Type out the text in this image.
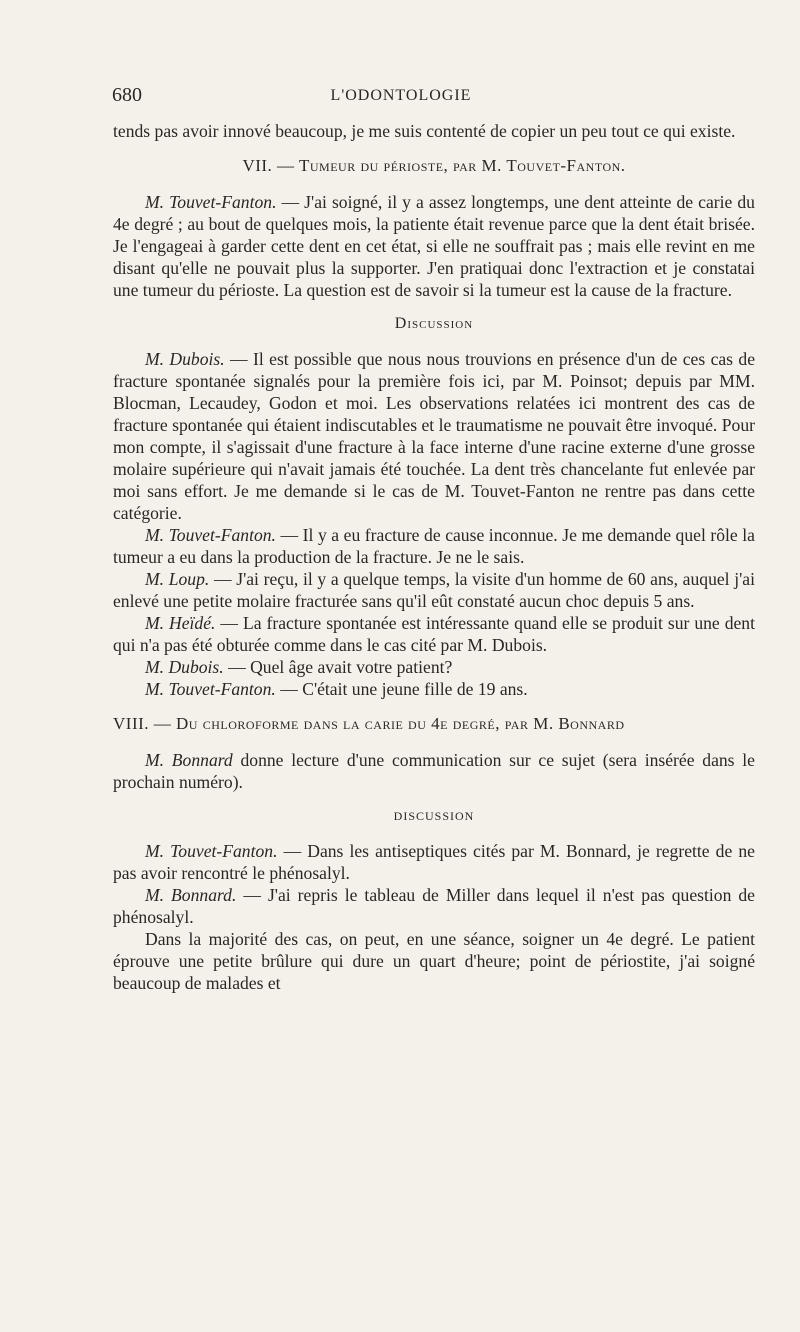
680	L'ODONTOLOGIE

tends pas avoir innové beaucoup, je me suis contenté de copier un peu tout ce qui existe.

VII. — Tumeur du périoste, par M. Touvet-Fanton.

M. Touvet-Fanton. — J'ai soigné, il y a assez longtemps, une dent atteinte de carie du 4e degré ; au bout de quelques mois, la patiente était revenue parce que la dent était brisée. Je l'engageai à garder cette dent en cet état, si elle ne souffrait pas ; mais elle revint en me disant qu'elle ne pouvait plus la supporter. J'en pratiquai donc l'extraction et je constatai une tumeur du périoste. La question est de savoir si la tumeur est la cause de la fracture.

Discussion

M. Dubois. — Il est possible que nous nous trouvions en présence d'un de ces cas de fracture spontanée signalés pour la première fois ici, par M. Poinsot; depuis par MM. Blocman, Lecaudey, Godon et moi. Les observations relatées ici montrent des cas de fracture spontanée qui étaient indiscutables et le traumatisme ne pouvait être invoqué. Pour mon compte, il s'agissait d'une fracture à la face interne d'une racine externe d'une grosse molaire supérieure qui n'avait jamais été touchée. La dent très chancelante fut enlevée par moi sans effort. Je me demande si le cas de M. Touvet-Fanton ne rentre pas dans cette catégorie.

M. Touvet-Fanton. — Il y a eu fracture de cause inconnue. Je me demande quel rôle la tumeur a eu dans la production de la fracture. Je ne le sais.

M. Loup. — J'ai reçu, il y a quelque temps, la visite d'un homme de 60 ans, auquel j'ai enlevé une petite molaire fracturée sans qu'il eût constaté aucun choc depuis 5 ans.

M. Heïdé. — La fracture spontanée est intéressante quand elle se produit sur une dent qui n'a pas été obturée comme dans le cas cité par M. Dubois.

M. Dubois. — Quel âge avait votre patient?

M. Touvet-Fanton. — C'était une jeune fille de 19 ans.

VIII. — Du chloroforme dans la carie du 4e degré, par M. Bonnard

M. Bonnard donne lecture d'une communication sur ce sujet (sera insérée dans le prochain numéro).

DISCUSSION

M. Touvet-Fanton. — Dans les antiseptiques cités par M. Bonnard, je regrette de ne pas avoir rencontré le phénosalyl.

M. Bonnard. — J'ai repris le tableau de Miller dans lequel il n'est pas question de phénosalyl.

Dans la majorité des cas, on peut, en une séance, soigner un 4e degré. Le patient éprouve une petite brûlure qui dure un quart d'heure; point de périostite, j'ai soigné beaucoup de malades et
